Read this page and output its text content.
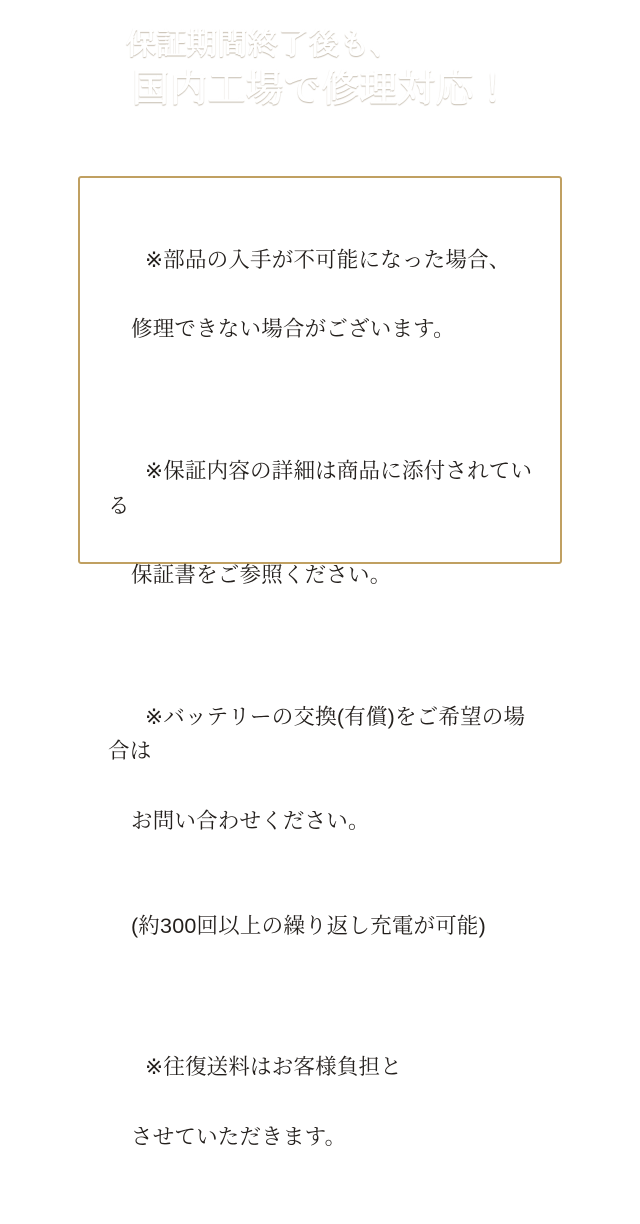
保証期間終了後も、
国内工場で修理対応！

※部品の入手が不可能になった場合、

修理できない場合がございます。

※保証内容の詳細は商品に添付されている

保証書をご参照ください。

※バッテリーの交換(有償)をご希望の場合は

お問い合わせください。

(約300回以上の繰り返し充電が可能)

※往復送料はお客様負担と

させていただきます。
